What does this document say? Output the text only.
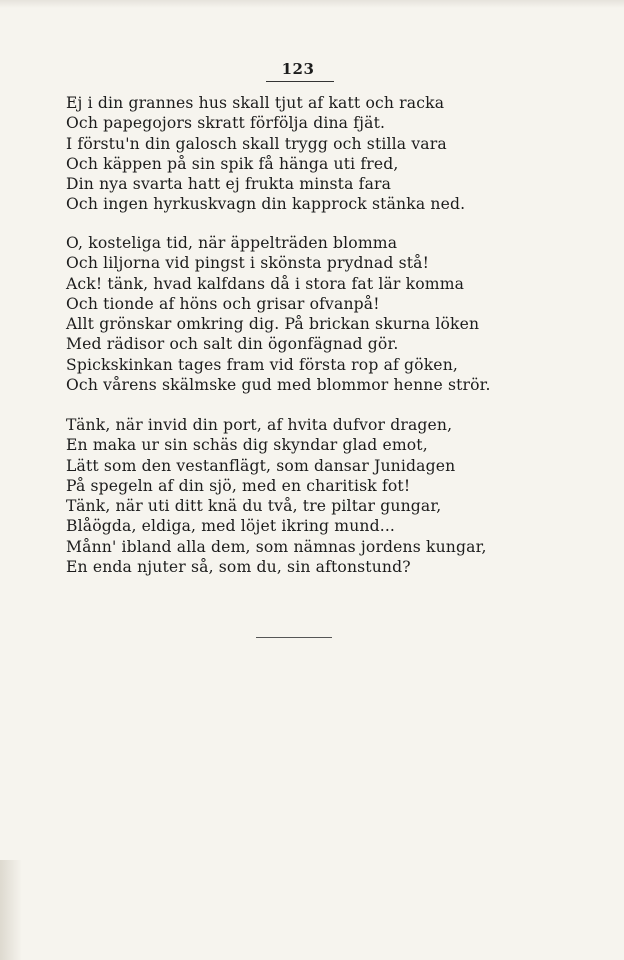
123
Ej i din grannes hus skall tjut af katt och racka
Och papegojors skratt förfölja dina fjät.
I förstu'n din galosch skall trygg och stilla vara
Och käppen på sin spik få hänga uti fred,
Din nya svarta hatt ej frukta minsta fara
Och ingen hyrkuskvagn din kapprock stänka ned.
O, kosteliga tid, när äppelträden blomma
Och liljorna vid pingst i skönsta prydnad stå!
Ack! tänk, hvad kalfdans då i stora fat lär komma
Och tionde af höns och grisar ofvanpå!
Allt grönskar omkring dig. På brickan skurna löken
Med rädisor och salt din ögonfägnad gör.
Spickskinkan tages fram vid första rop af göken,
Och vårens skälmske gud med blommor henne strör.
Tänk, när invid din port, af hvita dufvor dragen,
En maka ur sin schäs dig skyndar glad emot,
Lätt som den vestanflägt, som dansar Junidagen
På spegeln af din sjö, med en charitisk fot!
Tänk, när uti ditt knä du två, tre piltar gungar,
Blåögda, eldiga, med löjet ikring mund...
Månn' ibland alla dem, som nämnas jordens kungar,
En enda njuter så, som du, sin aftonstund?
